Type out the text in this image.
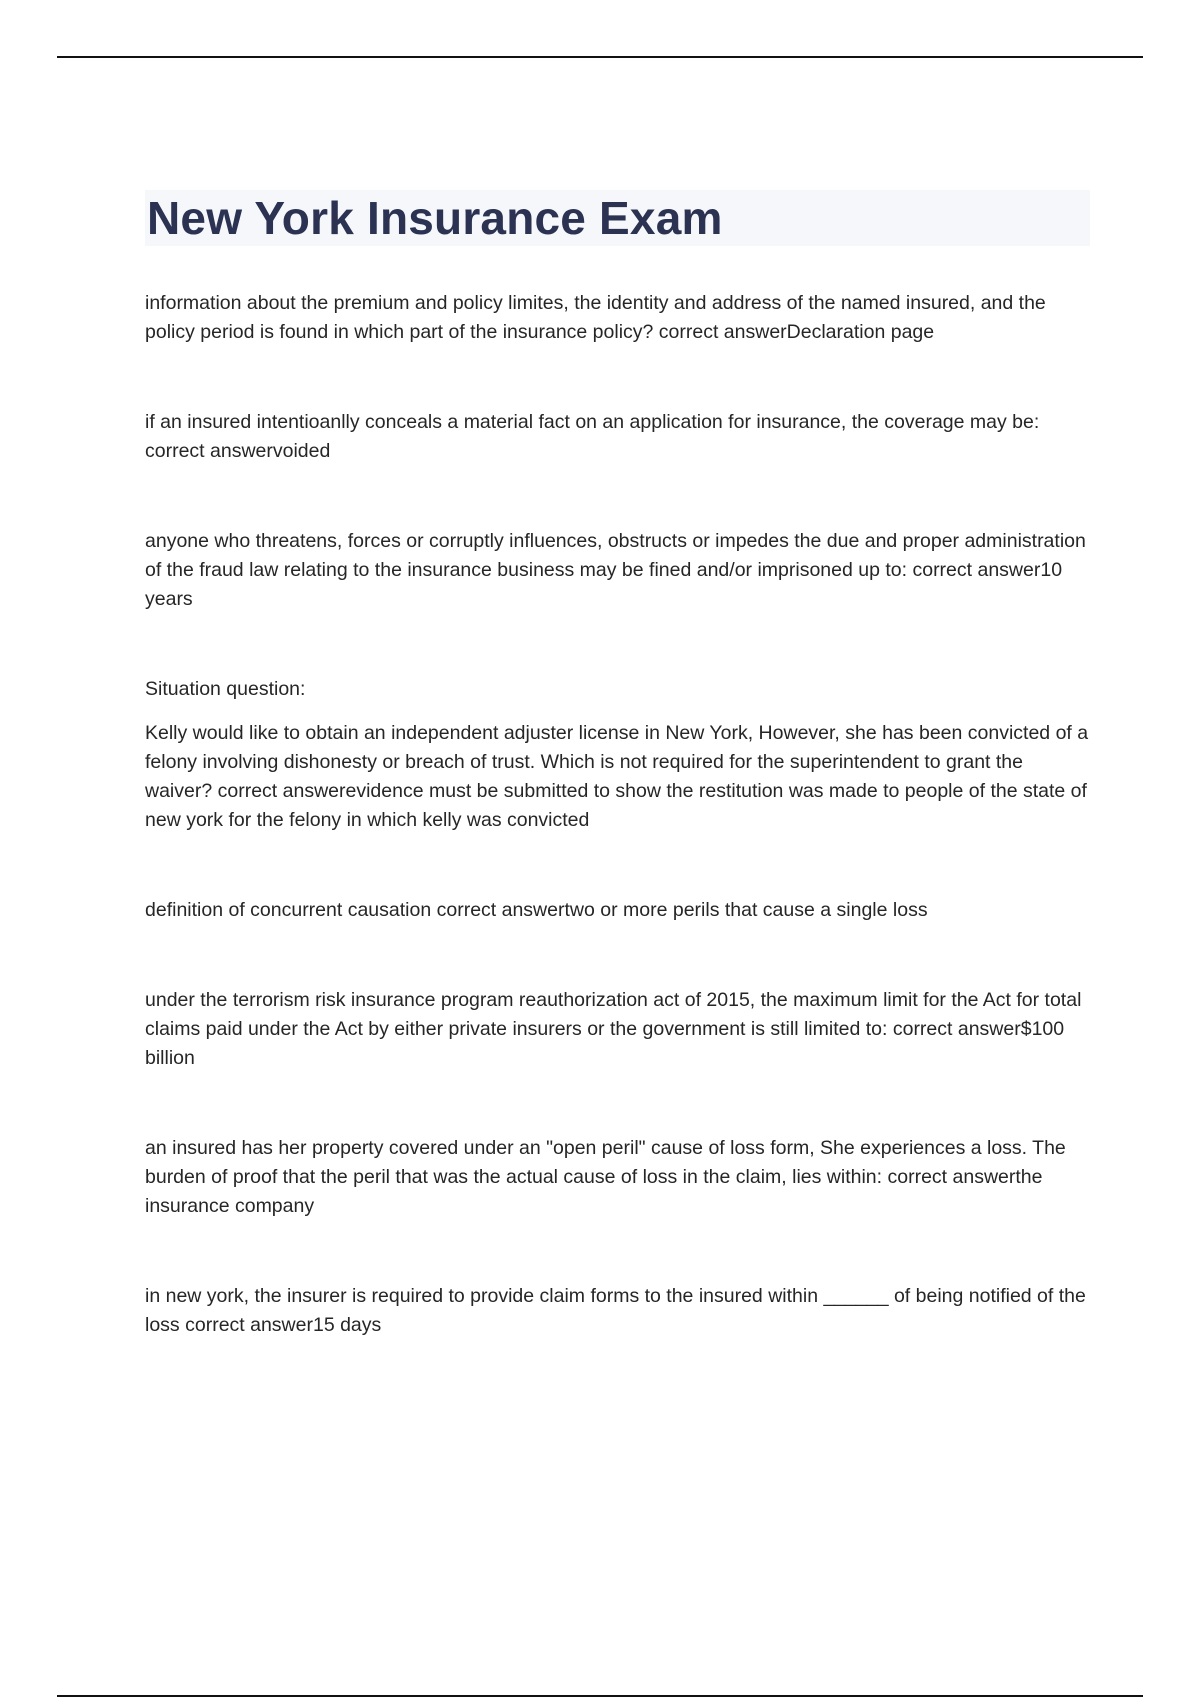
New York Insurance Exam

information about the premium and policy limites, the identity and address of the named insured, and the policy period is found in which part of the insurance policy? correct answerDeclaration page

if an insured intentioanlly conceals a material fact on an application for insurance, the coverage may be: correct answervoided

anyone who threatens, forces or corruptly influences, obstructs or impedes the due and proper administration of the fraud law relating to the insurance business may be fined and/or imprisoned up to: correct answer10 years

Situation question:

Kelly would like to obtain an independent adjuster license in New York, However, she has been convicted of a felony involving dishonesty or breach of trust. Which is not required for the superintendent to grant the waiver? correct answerevidence must be submitted to show the restitution was made to people of the state of new york for the felony in which kelly was convicted

definition of concurrent causation correct answertwo or more perils that cause a single loss

under the terrorism risk insurance program reauthorization act of 2015, the maximum limit for the Act for total claims paid under the Act by either private insurers or the government is still limited to: correct answer$100 billion

an insured has her property covered under an "open peril" cause of loss form, She experiences a loss. The burden of proof that the peril that was the actual cause of loss in the claim, lies within: correct answerthe insurance company

in new york, the insurer is required to provide claim forms to the insured within ______ of being notified of the loss correct answer15 days
